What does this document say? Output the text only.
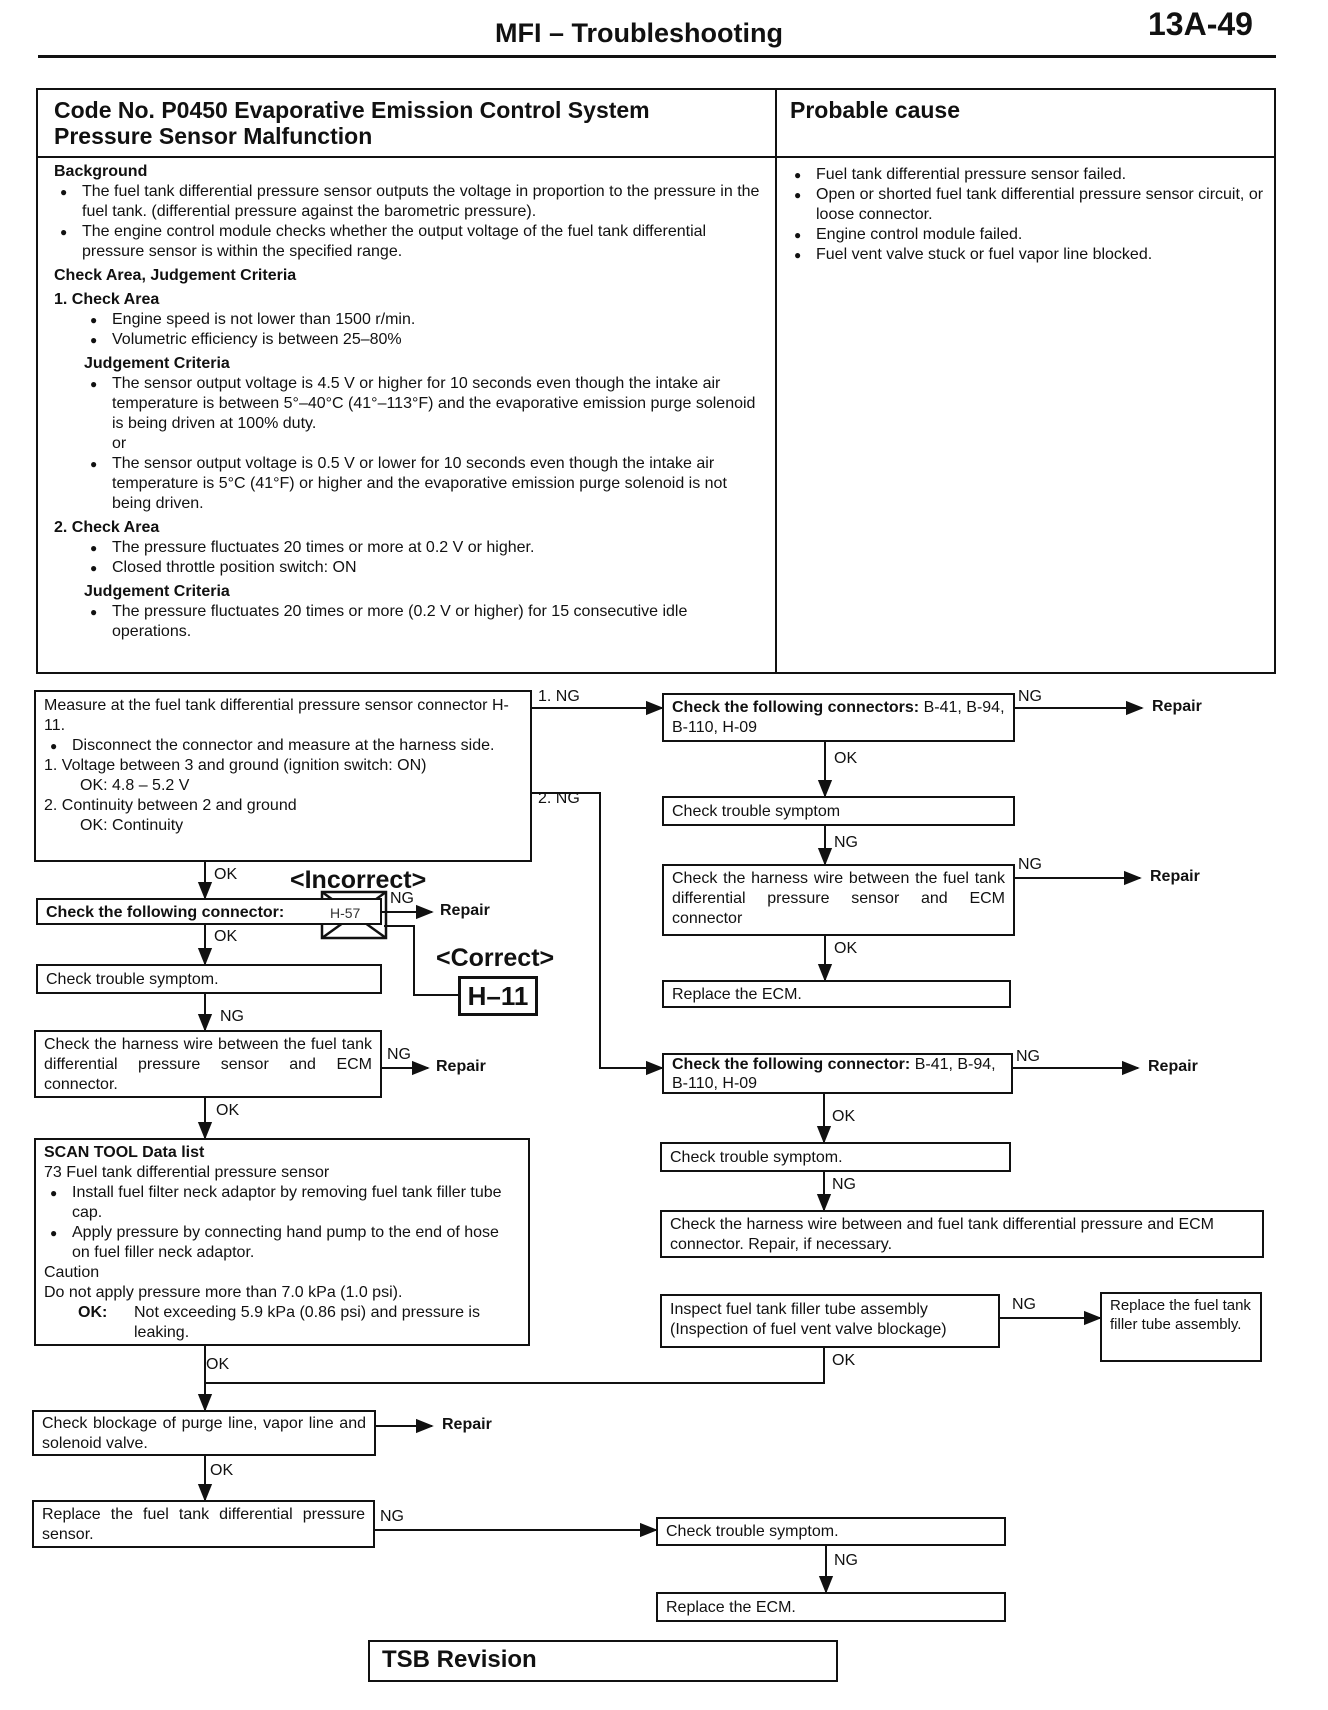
MFI – Troubleshooting	13A-49
Code No. P0450 Evaporative Emission Control System Pressure Sensor Malfunction
Probable cause
Background
● The fuel tank differential pressure sensor outputs the voltage in proportion to the pressure in the fuel tank. (differential pressure against the barometric pressure).
● The engine control module checks whether the output voltage of the fuel tank differential pressure sensor is within the specified range.
Check Area, Judgement Criteria
1. Check Area
● Engine speed is not lower than 1500 r/min.
● Volumetric efficiency is between 25–80%
Judgement Criteria
● The sensor output voltage is 4.5 V or higher for 10 seconds even though the intake air temperature is between 5°–40°C (41°–113°F) and the evaporative emission purge solenoid is being driven at 100% duty.
or
● The sensor output voltage is 0.5 V or lower for 10 seconds even though the intake air temperature is 5°C (41°F) or higher and the evaporative emission purge solenoid is not being driven.
2. Check Area
● The pressure fluctuates 20 times or more at 0.2 V or higher.
● Closed throttle position switch: ON
Judgement Criteria
● The pressure fluctuates 20 times or more (0.2 V or higher) for 15 consecutive idle operations.
● Fuel tank differential pressure sensor failed.
● Open or shorted fuel tank differential pressure sensor circuit, or loose connector.
● Engine control module failed.
● Fuel vent valve stuck or fuel vapor line blocked.
Measure at the fuel tank differential pressure sensor connector H-11.
● Disconnect the connector and measure at the harness side.
1. Voltage between 3 and ground (ignition switch: ON)
OK: 4.8 – 5.2 V
2. Continuity between 2 and ground
OK: Continuity
Check the following connector:	H-57
<Incorrect>
<Correct>
H–11
Check trouble symptom.
Check the harness wire between the fuel tank differential pressure sensor and ECM connector.
SCAN TOOL Data list
73 Fuel tank differential pressure sensor
● Install fuel filter neck adaptor by removing fuel tank filler tube cap.
● Apply pressure by connecting hand pump to the end of hose on fuel filler neck adaptor.
Caution
Do not apply pressure more than 7.0 kPa (1.0 psi).
OK: Not exceeding 5.9 kPa (0.86 psi) and pressure is leaking.
Check blockage of purge line, vapor line and solenoid valve.
Replace the fuel tank differential pressure sensor.
Check the following connectors: B-41, B-94, B-110, H-09
Check trouble symptom
Check the harness wire between the fuel tank differential pressure sensor and ECM connector
Replace the ECM.
Check the following connector: B-41, B-94, B-110, H-09
Check trouble symptom.
Check the harness wire between and fuel tank differential pressure and ECM connector. Repair, if necessary.
Inspect fuel tank filler tube assembly (Inspection of fuel vent valve blockage)
Replace the fuel tank filler tube assembly.
Check trouble symptom.
Replace the ECM.
1. NG
2. NG
OK
OK
NG
OK
OK
OK
NG
NG
NG
Repair
Repair
Repair
NG
Repair
OK
NG
NG
Repair
OK
NG
Repair
OK
NG
NG
OK
NG
TSB Revision
